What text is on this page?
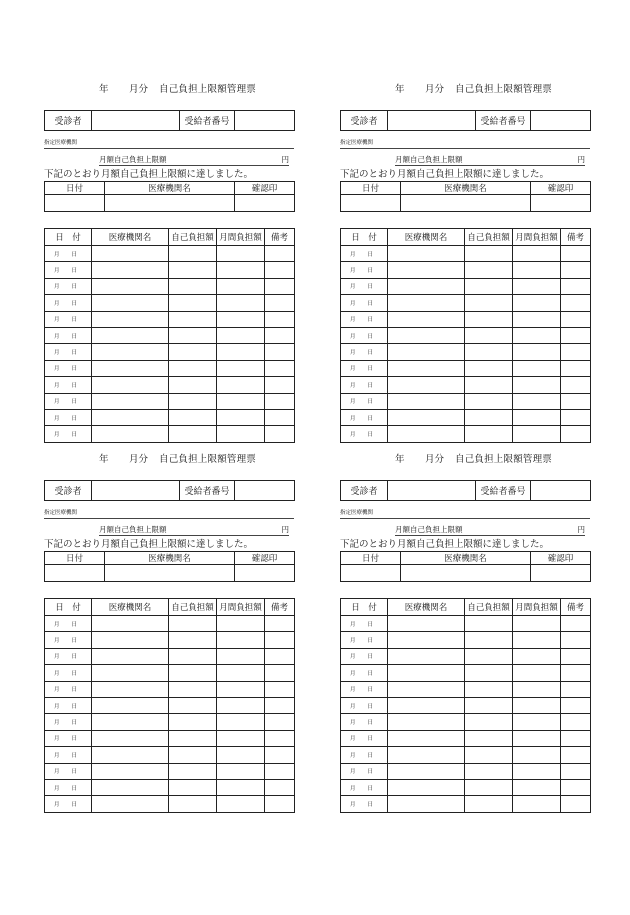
年 月分 自己負担上限額管理票
受診者		受給者番号	
指定医療機関
月額自己負担上限額	円
下記のとおり月額自己負担上限額に達しました。
日付	医療機関名	確認印

日　付	医療機関名	自己負担額	月間負担額	備考
月 日				
月 日				
月 日				
月 日				
月 日				
月 日				
月 日				
月 日				
月 日				
月 日				
月 日				
月 日				
年 月分 自己負担上限額管理票
受診者		受給者番号	
指定医療機関
月額自己負担上限額	円
下記のとおり月額自己負担上限額に達しました。
日付	医療機関名	確認印

日　付	医療機関名	自己負担額	月間負担額	備考
月 日				
月 日				
月 日				
月 日				
月 日				
月 日				
月 日				
月 日				
月 日				
月 日				
月 日				
月 日				
年 月分 自己負担上限額管理票
受診者		受給者番号	
指定医療機関
月額自己負担上限額	円
下記のとおり月額自己負担上限額に達しました。
日付	医療機関名	確認印

日　付	医療機関名	自己負担額	月間負担額	備考
月 日				
月 日				
月 日				
月 日				
月 日				
月 日				
月 日				
月 日				
月 日				
月 日				
月 日				
月 日				
年 月分 自己負担上限額管理票
受診者		受給者番号	
指定医療機関
月額自己負担上限額	円
下記のとおり月額自己負担上限額に達しました。
日付	医療機関名	確認印

日　付	医療機関名	自己負担額	月間負担額	備考
月 日				
月 日				
月 日				
月 日				
月 日				
月 日				
月 日				
月 日				
月 日				
月 日				
月 日				
月 日				
